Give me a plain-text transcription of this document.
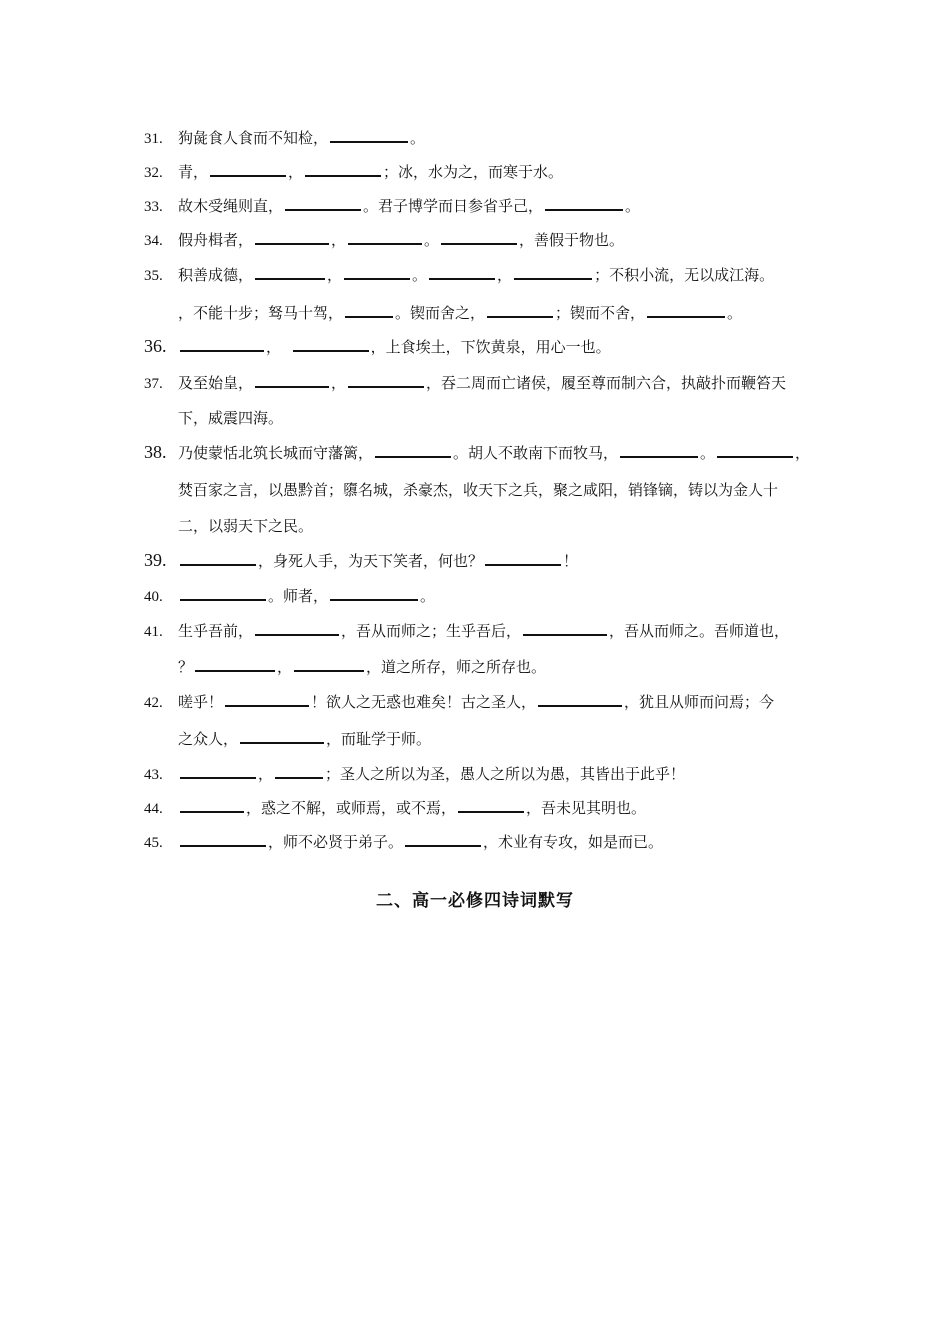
31. 狗彘食人食而不知检，	。
32. 青，	，	；冰，水为之，而寒于水。
33. 故木受绳则直，	。君子博学而日参省乎己，	。
34. 假舟楫者，	，	。	，善假于物也。
35. 积善成德，	，	。	，	；不积小流，无以成江海。
，不能十步；驽马十驾，	。锲而舍之，	；锲而不舍，	。
36.	，	，上食埃土，下饮黄泉，用心一也。
37. 及至始皇，	，	，吞二周而亡诸侯，履至尊而制六合，执敲扑而鞭笞天
下，威震四海。
38. 乃使蒙恬北筑长城而守藩篱，	。胡人不敢南下而牧马，	。	，
焚百家之言，以愚黔首；隳名城，杀豪杰，收天下之兵，聚之咸阳，销锋镝，铸以为金人十
二，以弱天下之民。
39.	，身死人手，为天下笑者，何也？	！
40.	。师者，	。
41. 生乎吾前，	，吾从而师之；生乎吾后，	，吾从而师之。吾师道也，
？	，	，道之所存，师之所存也。
42. 嗟乎！	！欲人之无惑也难矣！古之圣人，	，犹且从师而问焉；今
之众人，	，而耻学于师。
43.	，	；圣人之所以为圣，愚人之所以为愚，其皆出于此乎！
44.	，惑之不解，或师焉，或不焉，	，吾未见其明也。
45.	，师不必贤于弟子。	，术业有专攻，如是而已。
二、高一必修四诗词默写
